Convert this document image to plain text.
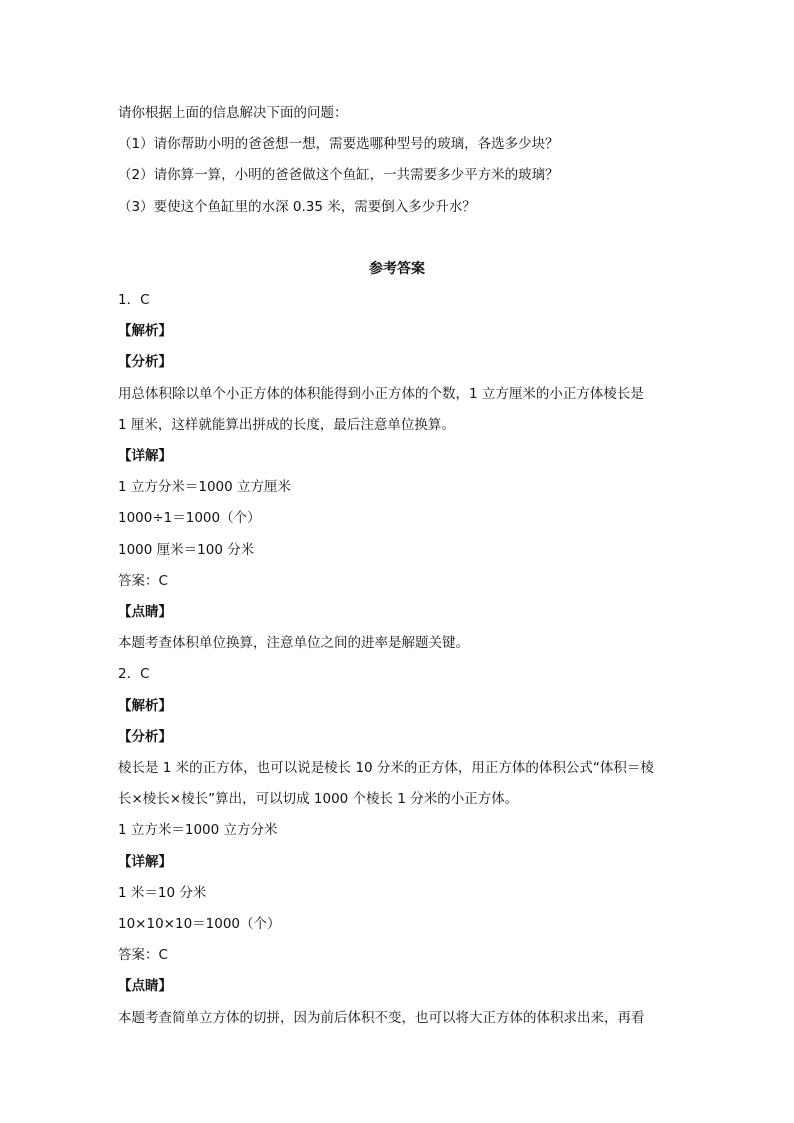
请你根据上面的信息解决下面的问题：
（1）请你帮助小明的爸爸想一想，需要选哪种型号的玻璃，各选多少块？
（2）请你算一算，小明的爸爸做这个鱼缸，一共需要多少平方米的玻璃？
（3）要使这个鱼缸里的水深 0.35 米，需要倒入多少升水？
参考答案
1．C
【解析】
【分析】
用总体积除以单个小正方体的体积能得到小正方体的个数，1 立方厘米的小正方体棱长是
1 厘米，这样就能算出拼成的长度，最后注意单位换算。
【详解】
1 立方分米＝1000 立方厘米
1000÷1＝1000（个）
1000 厘米＝100 分米
答案：C
【点睛】
本题考查体积单位换算，注意单位之间的进率是解题关键。
2．C
【解析】
【分析】
棱长是 1 米的正方体，也可以说是棱长 10 分米的正方体，用正方体的体积公式“体积＝棱
长×棱长×棱长”算出，可以切成 1000 个棱长 1 分米的小正方体。
1 立方米＝1000 立方分米
【详解】
1 米＝10 分米
10×10×10＝1000（个）
答案：C
【点睛】
本题考查简单立方体的切拼，因为前后体积不变，也可以将大正方体的体积求出来，再看
